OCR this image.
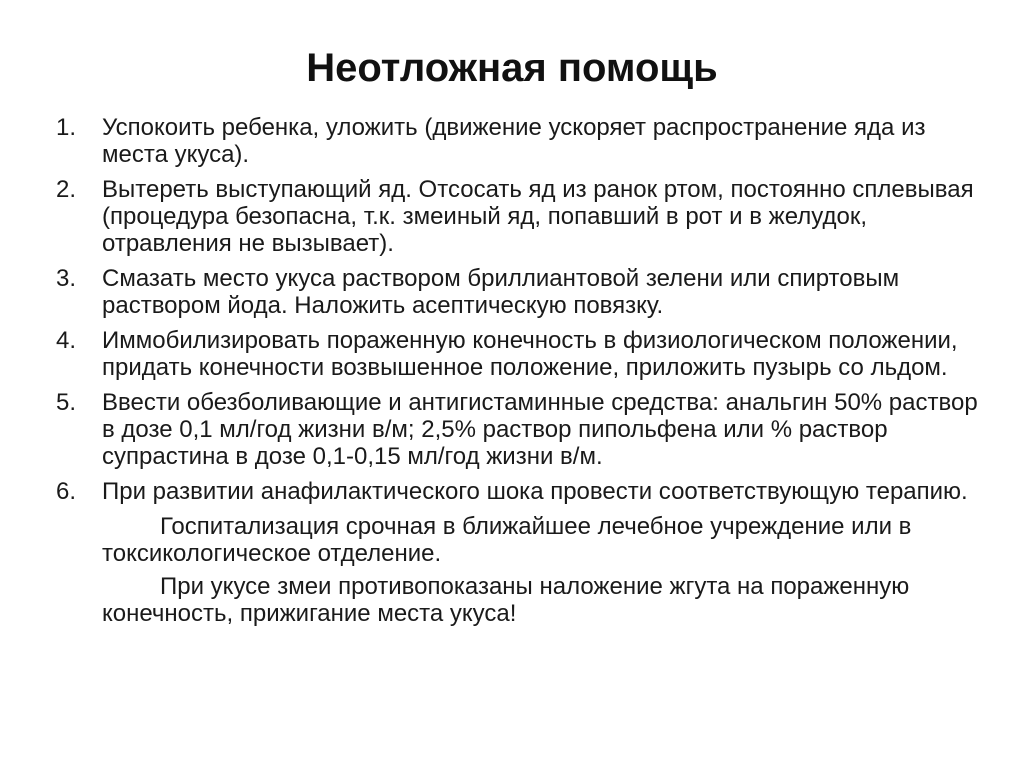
Неотложная помощь
1.	Успокоить ребенка, уложить (движение ускоряет распространение яда из места укуса).

2.	Вытереть выступающий яд. Отсосать яд из ранок ртом, постоянно сплевывая (процедура безопасна, т.к. змеиный яд, попавший в рот и в желудок, отравления не вызывает).

3.	Смазать место укуса раствором бриллиантовой зелени или спиртовым раствором йода. Наложить асептическую повязку.

4.	Иммобилизировать пораженную конечность в физиологическом положении, придать конечности возвышенное положение, приложить пузырь со льдом.

5.	Ввести обезболивающие и антигистаминные средства: анальгин 50% раствор в дозе 0,1 мл/год жизни в/м; 2,5% раствор пипольфена или % раствор супрастина в дозе 0,1-0,15 мл/год жизни в/м.

6.	При развитии анафилактического шока провести соответствующую терапию.

Госпитализация срочная в ближайшее лечебное учреждение или в токсикологическое отделение.

При укусе змеи противопоказаны наложение жгута на пораженную конечность, прижигание места укуса!
